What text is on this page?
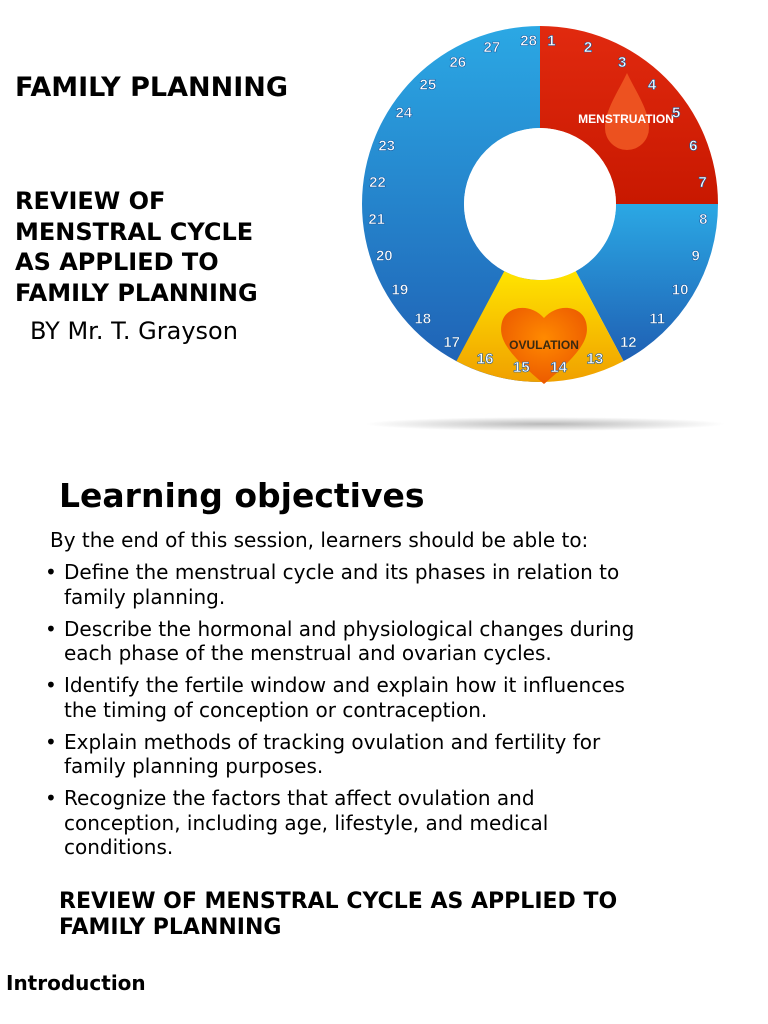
FAMILY PLANNING
REVIEW OF
MENSTRAL CYCLE
AS APPLIED TO
FAMILY PLANNING
BY Mr. T. Grayson
MENSTRUATION
OVULATION
1 2
3
4
5
6
7
8
9
10
11
12
13
14
15
16
17
18
19
20
21
22
23
24
25
26
27 28
Learning objectives
By the end of this session, learners should be able to:
• Define the menstrual cycle and its phases in relation to
family planning.
• Describe the hormonal and physiological changes during
each phase of the menstrual and ovarian cycles.
• Identify the fertile window and explain how it influences
the timing of conception or contraception.
• Explain methods of tracking ovulation and fertility for
family planning purposes.
• Recognize the factors that affect ovulation and
conception, including age, lifestyle, and medical
conditions.
REVIEW OF MENSTRAL CYCLE AS APPLIED TO
FAMILY PLANNING
Introduction
